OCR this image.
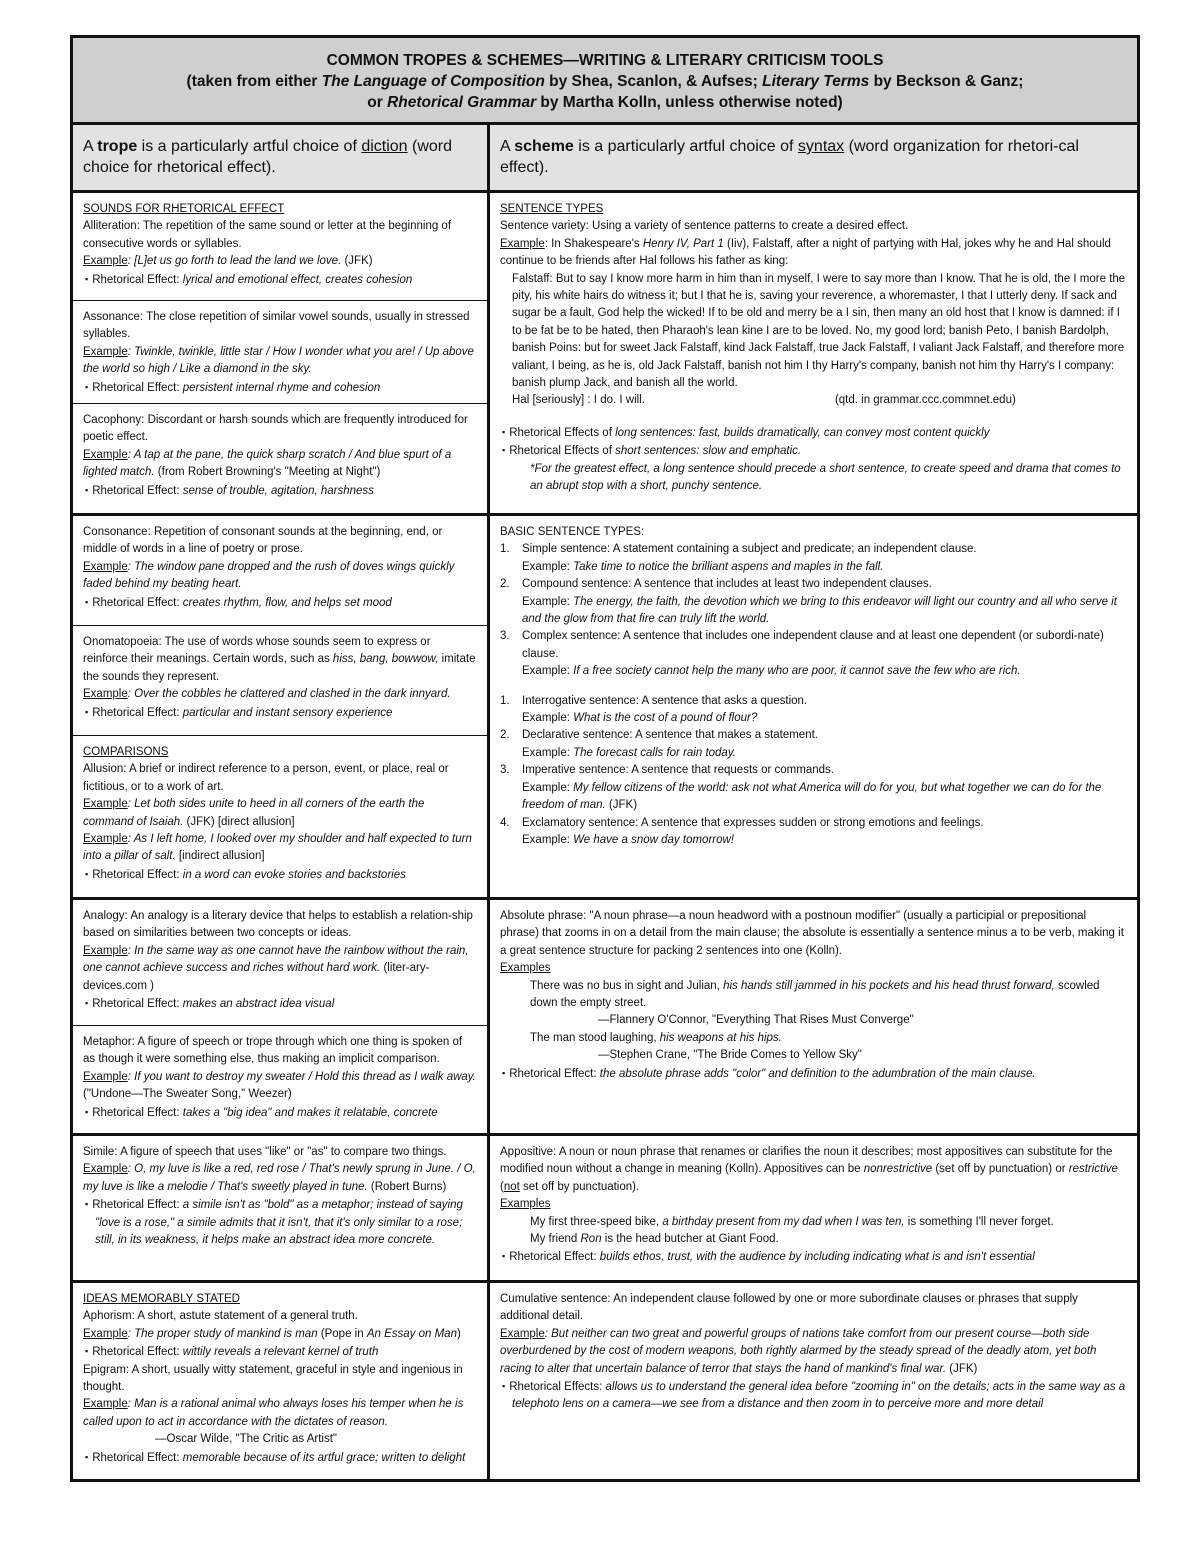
COMMON TROPES & SCHEMES—WRITING & LITERARY CRITICISM TOOLS
(taken from either The Language of Composition by Shea, Scanlon, & Aufses; Literary Terms by Beckson & Ganz;
or Rhetorical Grammar by Martha Kolln, unless otherwise noted)
A trope is a particularly artful choice of diction (word choice for rhetorical effect).
A scheme is a particularly artful choice of syntax (word organization for rhetori-cal effect).
SOUNDS FOR RHETORICAL EFFECT
Alliteration: The repetition of the same sound or letter at the beginning of consecutive words or syllables.
Example: [L]et us go forth to lead the land we love. (JFK)
▪ Rhetorical Effect: lyrical and emotional effect, creates cohesion
Assonance: The close repetition of similar vowel sounds, usually in stressed syllables.
Example: Twinkle, twinkle, little star / How I wonder what you are! / Up above the world so high / Like a diamond in the sky.
▪ Rhetorical Effect: persistent internal rhyme and cohesion
Cacophony: Discordant or harsh sounds which are frequently introduced for poetic effect.
Example: A tap at the pane, the quick sharp scratch / And blue spurt of a lighted match. (from Robert Browning's "Meeting at Night")
▪ Rhetorical Effect: sense of trouble, agitation, harshness
SENTENCE TYPES
Sentence variety: Using a variety of sentence patterns to create a desired effect.
Example: In Shakespeare's Henry IV, Part 1 (Iiv), Falstaff, after a night of partying with Hal, jokes why he and Hal should continue to be friends after Hal follows his father as king:
Falstaff: But to say I know more harm in him than in myself, I were to say more than I know. That he is old, the I more the pity, his white hairs do witness it; but I that he is, saving your reverence, a whoremaster, I that I utterly deny. If sack and sugar be a fault, God help the wicked! If to be old and merry be a I sin, then many an old host that I know is damned: if I to be fat be to be hated, then Pharaoh's lean kine I are to be loved. No, my good lord; banish Peto, I banish Bardolph, banish Poins: but for sweet Jack Falstaff, kind Jack Falstaff, true Jack Falstaff, I valiant Jack Falstaff, and therefore more valiant, I being, as he is, old Jack Falstaff, banish not him I thy Harry's company, banish not him thy Harry's I company: banish plump Jack, and banish all the world.
Hal [seriously] : I do. I will.	(qtd. in grammar.ccc.commnet.edu)
▪ Rhetorical Effects of long sentences: fast, builds dramatically, can convey most content quickly
▪ Rhetorical Effects of short sentences: slow and emphatic.
*For the greatest effect, a long sentence should precede a short sentence, to create speed and drama that comes to an abrupt stop with a short, punchy sentence.
Consonance: Repetition of consonant sounds at the beginning, end, or middle of words in a line of poetry or prose.
Example: The window pane dropped and the rush of doves wings quickly faded behind my beating heart.
▪ Rhetorical Effect: creates rhythm, flow, and helps set mood
Onomatopoeia: The use of words whose sounds seem to express or reinforce their meanings. Certain words, such as hiss, bang, bowwow, imitate the sounds they represent.
Example: Over the cobbles he clattered and clashed in the dark innyard.
▪ Rhetorical Effect: particular and instant sensory experience
COMPARISONS
Allusion: A brief or indirect reference to a person, event, or place, real or fictitious, or to a work of art.
Example: Let both sides unite to heed in all corners of the earth the command of Isaiah. (JFK) [direct allusion]
Example: As I left home, I looked over my shoulder and half expected to turn into a pillar of salt. [indirect allusion]
▪ Rhetorical Effect: in a word can evoke stories and backstories
BASIC SENTENCE TYPES:
1.	Simple sentence: A statement containing a subject and predicate; an independent clause.
Example: Take time to notice the brilliant aspens and maples in the fall.
2.	Compound sentence: A sentence that includes at least two independent clauses.
Example: The energy, the faith, the devotion which we bring to this endeavor will light our country and all who serve it and the glow from that fire can truly lift the world.
3.	Complex sentence: A sentence that includes one independent clause and at least one dependent (or subordi-nate) clause.
Example: If a free society cannot help the many who are poor, it cannot save the few who are rich.
1.	Interrogative sentence: A sentence that asks a question.
Example: What is the cost of a pound of flour?
2.	Declarative sentence: A sentence that makes a statement.
Example: The forecast calls for rain today.
3.	Imperative sentence: A sentence that requests or commands.
Example: My fellow citizens of the world: ask not what America will do for you, but what together we can do for the freedom of man. (JFK)
4.	Exclamatory sentence: A sentence that expresses sudden or strong emotions and feelings.
Example: We have a snow day tomorrow!
Analogy: An analogy is a literary device that helps to establish a relation-ship based on similarities between two concepts or ideas.
Example: In the same way as one cannot have the rainbow without the rain, one cannot achieve success and riches without hard work. (liter-ary-devices.com )
▪ Rhetorical Effect: makes an abstract idea visual
Metaphor: A figure of speech or trope through which one thing is spoken of as though it were something else, thus making an implicit comparison.
Example: If you want to destroy my sweater / Hold this thread as I walk away. ("Undone—The Sweater Song," Weezer)
▪ Rhetorical Effect: takes a "big idea" and makes it relatable, concrete
Absolute phrase: "A noun phrase—a noun headword with a postnoun modifier" (usually a participial or prepositional phrase) that zooms in on a detail from the main clause; the absolute is essentially a sentence minus a to be verb, making it a great sentence structure for packing 2 sentences into one (Kolln).
Examples
There was no bus in sight and Julian, his hands still jammed in his pockets and his head thrust forward, scowled down the empty street.
—Flannery O'Connor, "Everything That Rises Must Converge"
The man stood laughing, his weapons at his hips.
—Stephen Crane, "The Bride Comes to Yellow Sky"
▪ Rhetorical Effect: the absolute phrase adds "color" and definition to the adumbration of the main clause.
Simile: A figure of speech that uses "like" or "as" to compare two things.
Example: O, my luve is like a red, red rose / That's newly sprung in June. / O, my luve is like a melodie / That's sweetly played in tune. (Robert Burns)
▪ Rhetorical Effect: a simile isn't as "bold" as a metaphor; instead of saying "love is a rose," a simile admits that it isn't, that it's only similar to a rose; still, in its weakness, it helps make an abstract idea more concrete.
Appositive: A noun or noun phrase that renames or clarifies the noun it describes; most appositives can substitute for the modified noun without a change in meaning (Kolln). Appositives can be nonrestrictive (set off by punctuation) or restrictive (not set off by punctuation).
Examples
My first three-speed bike, a birthday present from my dad when I was ten, is something I'll never forget.
My friend Ron is the head butcher at Giant Food.
▪ Rhetorical Effect: builds ethos, trust, with the audience by including indicating what is and isn't essential
IDEAS MEMORABLY STATED
Aphorism: A short, astute statement of a general truth.
Example: The proper study of mankind is man (Pope in An Essay on Man)
▪ Rhetorical Effect: wittily reveals a relevant kernel of truth
Epigram: A short, usually witty statement, graceful in style and ingenious in thought.
Example: Man is a rational animal who always loses his temper when he is called upon to act in accordance with the dictates of reason.
—Oscar Wilde, "The Critic as Artist"
▪ Rhetorical Effect: memorable because of its artful grace; written to delight
Cumulative sentence: An independent clause followed by one or more subordinate clauses or phrases that supply additional detail.
Example: But neither can two great and powerful groups of nations take comfort from our present course—both side overburdened by the cost of modern weapons, both rightly alarmed by the steady spread of the deadly atom, yet both racing to alter that uncertain balance of terror that stays the hand of mankind's final war. (JFK)
▪ Rhetorical Effects: allows us to understand the general idea before "zooming in" on the details; acts in the same way as a telephoto lens on a camera—we see from a distance and then zoom in to perceive more and more detail
